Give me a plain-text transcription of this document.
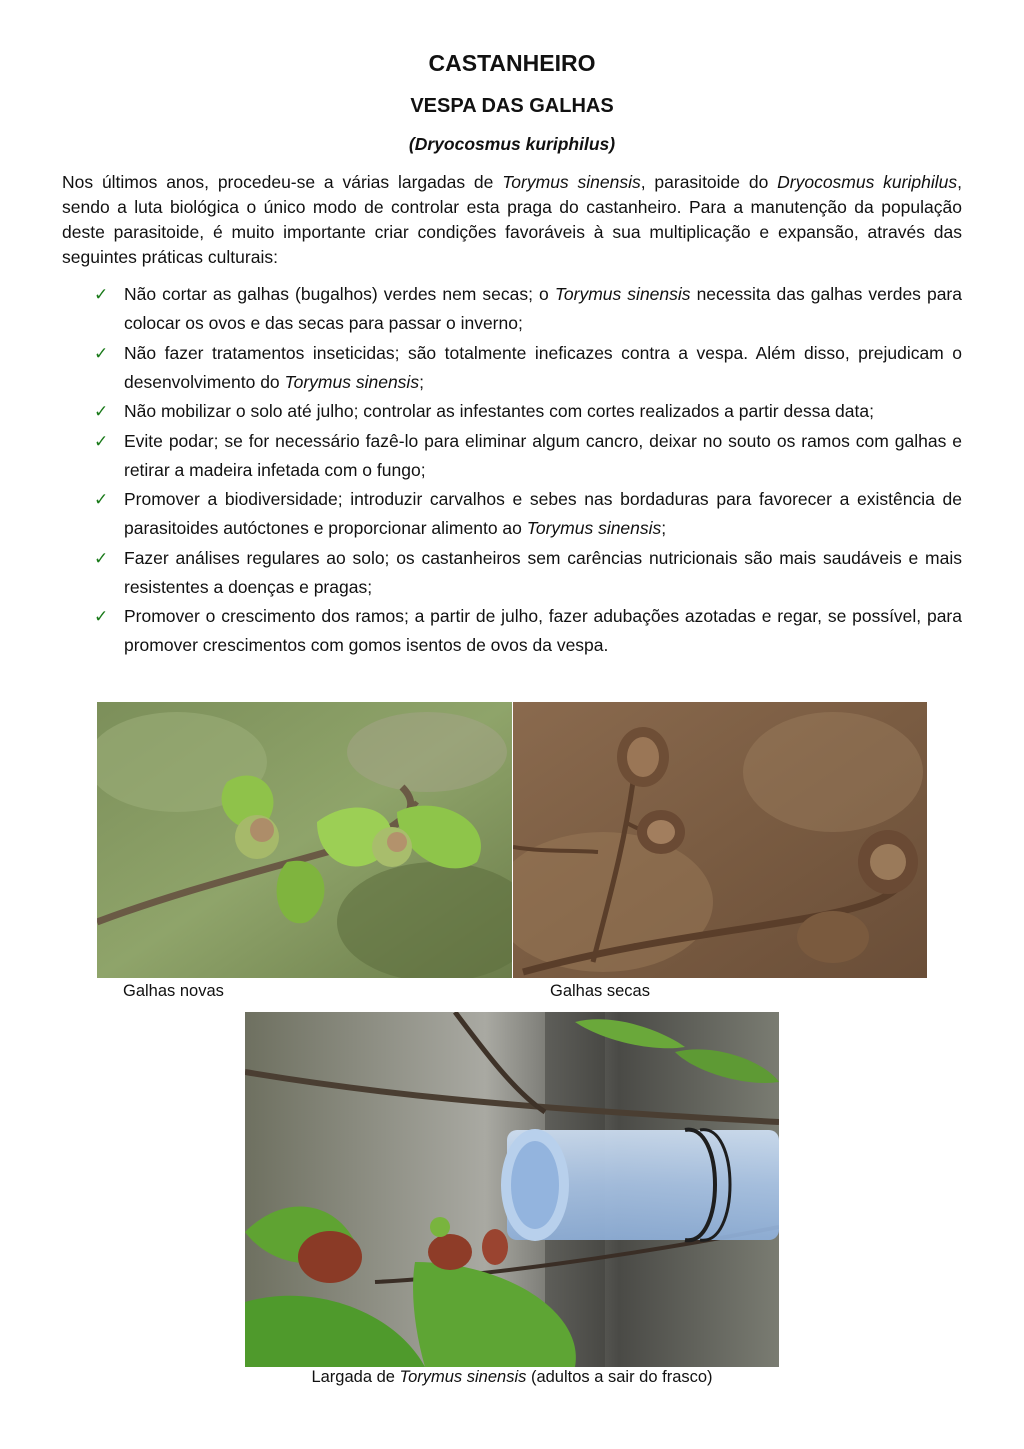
CASTANHEIRO
VESPA DAS GALHAS
(Dryocosmus kuriphilus)

Nos últimos anos, procedeu-se a várias largadas de Torymus sinensis, parasitoide do Dryocosmus kuriphilus, sendo a luta biológica o único modo de controlar esta praga do castanheiro. Para a manutenção da população deste parasitoide, é muito importante criar condições favoráveis à sua multiplicação e expansão, através das seguintes práticas culturais:

✓ Não cortar as galhas (bugalhos) verdes nem secas; o Torymus sinensis necessita das galhas verdes para colocar os ovos e das secas para passar o inverno;
✓ Não fazer tratamentos inseticidas; são totalmente ineficazes contra a vespa. Além disso, prejudicam o desenvolvimento do Torymus sinensis;
✓ Não mobilizar o solo até julho; controlar as infestantes com cortes realizados a partir dessa data;
✓ Evite podar; se for necessário fazê-lo para eliminar algum cancro, deixar no souto os ramos com galhas e retirar a madeira infetada com o fungo;
✓ Promover a biodiversidade; introduzir carvalhos e sebes nas bordaduras para favorecer a existência de parasitoides autóctones e proporcionar alimento ao Torymus sinensis;
✓ Fazer análises regulares ao solo; os castanheiros sem carências nutricionais são mais saudáveis e mais resistentes a doenças e pragas;
✓ Promover o crescimento dos ramos; a partir de julho, fazer adubações azotadas e regar, se possível, para promover crescimentos com gomos isentos de ovos da vespa.
Galhas novas	Galhas secas
Largada de Torymus sinensis (adultos a sair do frasco)
